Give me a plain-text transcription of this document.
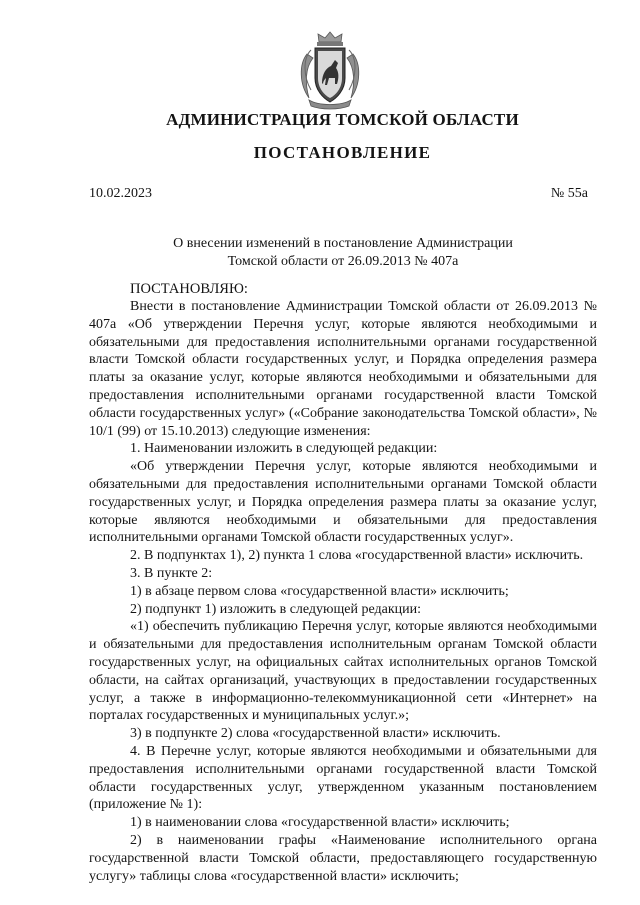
АДМИНИСТРАЦИЯ ТОМСКОЙ ОБЛАСТИ
ПОСТАНОВЛЕНИЕ
10.02.2023	№ 55а
О внесении изменений в постановление Администрации
Томской области от 26.09.2013 № 407а
ПОСТАНОВЛЯЮ:

Внести в постановление Администрации Томской области от 26.09.2013 № 407а «Об утверждении Перечня услуг, которые являются необходимыми и обязательными для предоставления исполнительными органами государственной власти Томской области государственных услуг, и Порядка определения размера платы за оказание услуг, которые являются необходимыми и обязательными для предоставления исполнительными органами государственной власти Томской области государственных услуг» («Собрание законодательства Томской области», № 10/1 (99) от 15.10.2013) следующие изменения:

1. Наименовании изложить в следующей редакции:

«Об утверждении Перечня услуг, которые являются необходимыми и обязательными для предоставления исполнительными органами Томской области государственных услуг, и Порядка определения размера платы за оказание услуг, которые являются необходимыми и обязательными для предоставления исполнительными органами Томской области государственных услуг».

2. В подпунктах 1), 2) пункта 1 слова «государственной власти» исключить.

3. В пункте 2:

1) в абзаце первом слова «государственной власти» исключить;

2) подпункт 1) изложить в следующей редакции:

«1) обеспечить публикацию Перечня услуг, которые являются необходимыми и обязательными для предоставления исполнительным органам Томской области государственных услуг, на официальных сайтах исполнительных органов Томской области, на сайтах организаций, участвующих в предоставлении государственных услуг, а также в информационно-телекоммуникационной сети «Интернет» на порталах государственных и муниципальных услуг.»;

3) в подпункте 2) слова «государственной власти» исключить.

4. В Перечне услуг, которые являются необходимыми и обязательными для предоставления исполнительными органами государственной власти Томской области государственных услуг, утвержденном указанным постановлением (приложение № 1):

1) в наименовании слова «государственной власти» исключить;

2) в наименовании графы «Наименование исполнительного органа государственной власти Томской области, предоставляющего государственную услугу» таблицы слова «государственной власти» исключить;
